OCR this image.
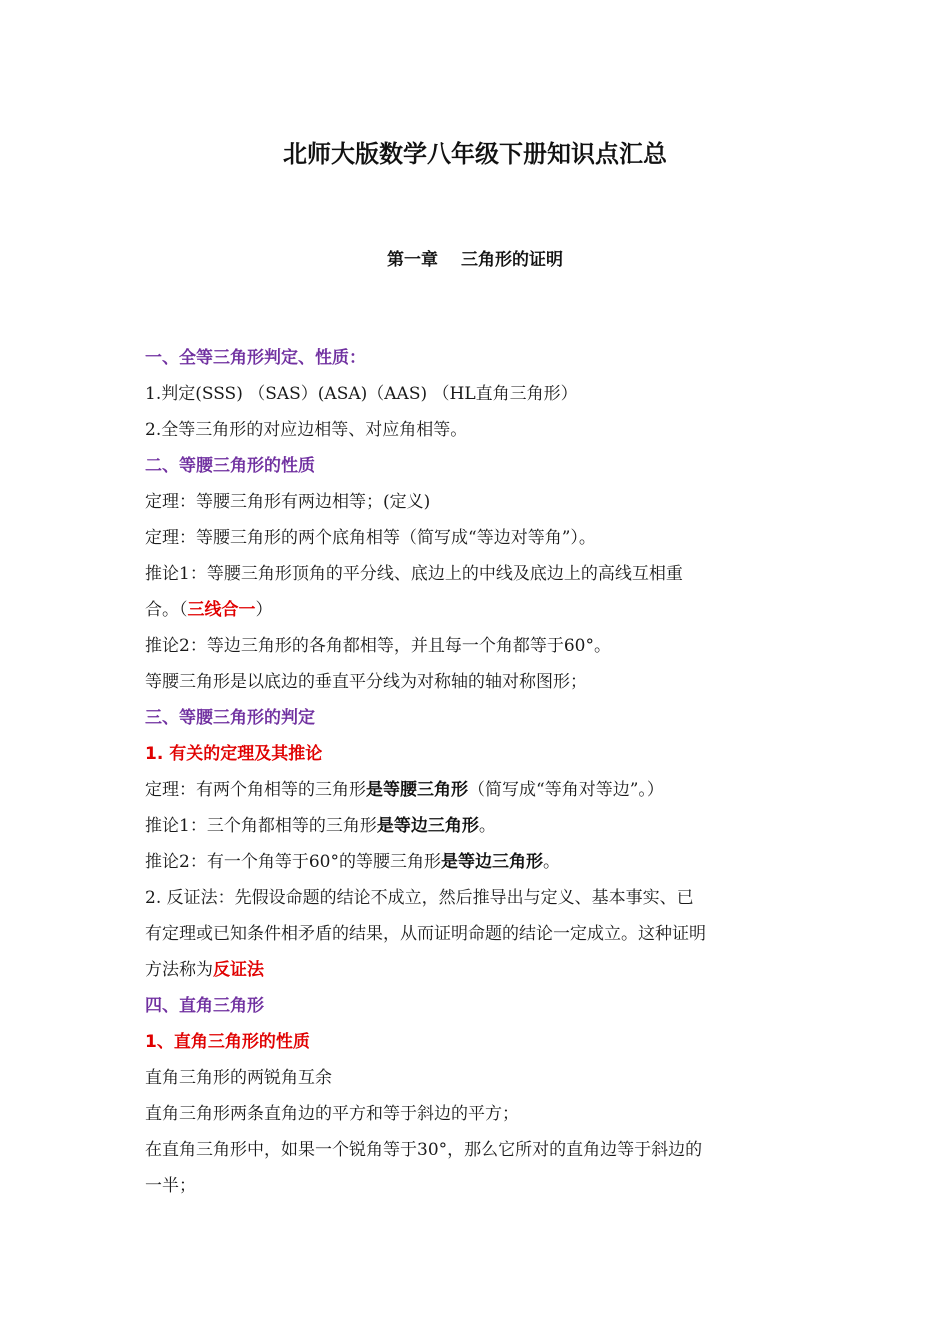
北师大版数学八年级下册知识点汇总
第一章　 三角形的证明
一、全等三角形判定、性质：
1.判定(SSS) （SAS）(ASA)（AAS) （HL直角三角形）
2.全等三角形的对应边相等、对应角相等。
二、等腰三角形的性质
定理：等腰三角形有两边相等；(定义)
定理：等腰三角形的两个底角相等（简写成“等边对等角”）。
推论1：等腰三角形顶角的平分线、底边上的中线及底边上的高线互相重
合。（三线合一）
推论2：等边三角形的各角都相等，并且每一个角都等于60°。
等腰三角形是以底边的垂直平分线为对称轴的轴对称图形；
三、等腰三角形的判定
1. 有关的定理及其推论
定理：有两个角相等的三角形是等腰三角形（简写成“等角对等边”。）
推论1：三个角都相等的三角形是等边三角形。
推论2：有一个角等于60°的等腰三角形是等边三角形。
2. 反证法：先假设命题的结论不成立，然后推导出与定义、基本事实、已
有定理或已知条件相矛盾的结果，从而证明命题的结论一定成立。这种证明
方法称为反证法
四、直角三角形
1、直角三角形的性质
直角三角形的两锐角互余
直角三角形两条直角边的平方和等于斜边的平方；
在直角三角形中，如果一个锐角等于30°，那么它所对的直角边等于斜边的
一半；
